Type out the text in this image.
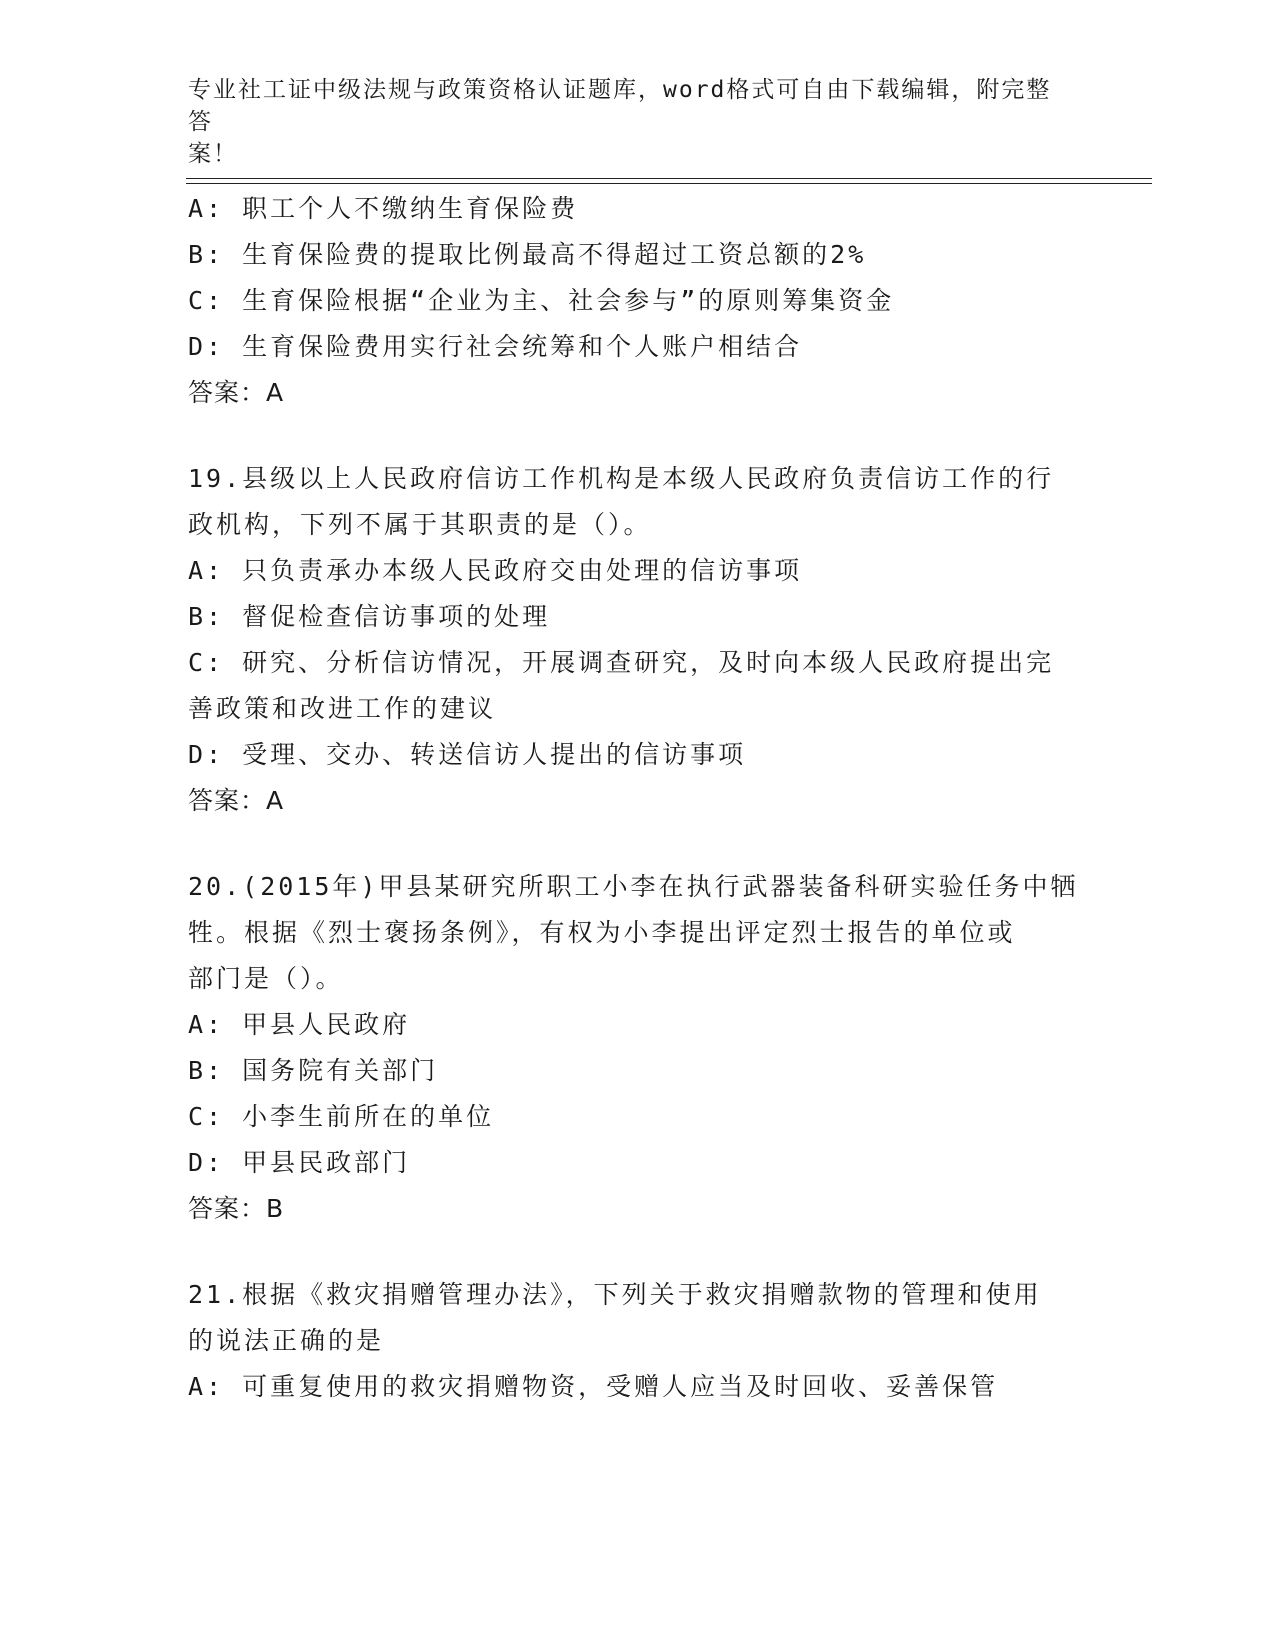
专业社工证中级法规与政策资格认证题库，word格式可自由下载编辑，附完整答
案！
A: 职工个人不缴纳生育保险费
B: 生育保险费的提取比例最高不得超过工资总额的2%
C: 生育保险根据“企业为主、社会参与”的原则筹集资金
D: 生育保险费用实行社会统筹和个人账户相结合
答案：A
19.县级以上人民政府信访工作机构是本级人民政府负责信访工作的行
政机构，下列不属于其职责的是（）。
A: 只负责承办本级人民政府交由处理的信访事项
B: 督促检查信访事项的处理
C: 研究、分析信访情况，开展调查研究，及时向本级人民政府提出完
善政策和改进工作的建议
D: 受理、交办、转送信访人提出的信访事项
答案：A
20.(2015年)甲县某研究所职工小李在执行武器装备科研实验任务中牺
牲。根据《烈士褒扬条例》，有权为小李提出评定烈士报告的单位或
部门是（）。
A: 甲县人民政府
B: 国务院有关部门
C: 小李生前所在的单位
D: 甲县民政部门
答案：B
21.根据《救灾捐赠管理办法》，下列关于救灾捐赠款物的管理和使用
的说法正确的是
A: 可重复使用的救灾捐赠物资，受赠人应当及时回收、妥善保管
